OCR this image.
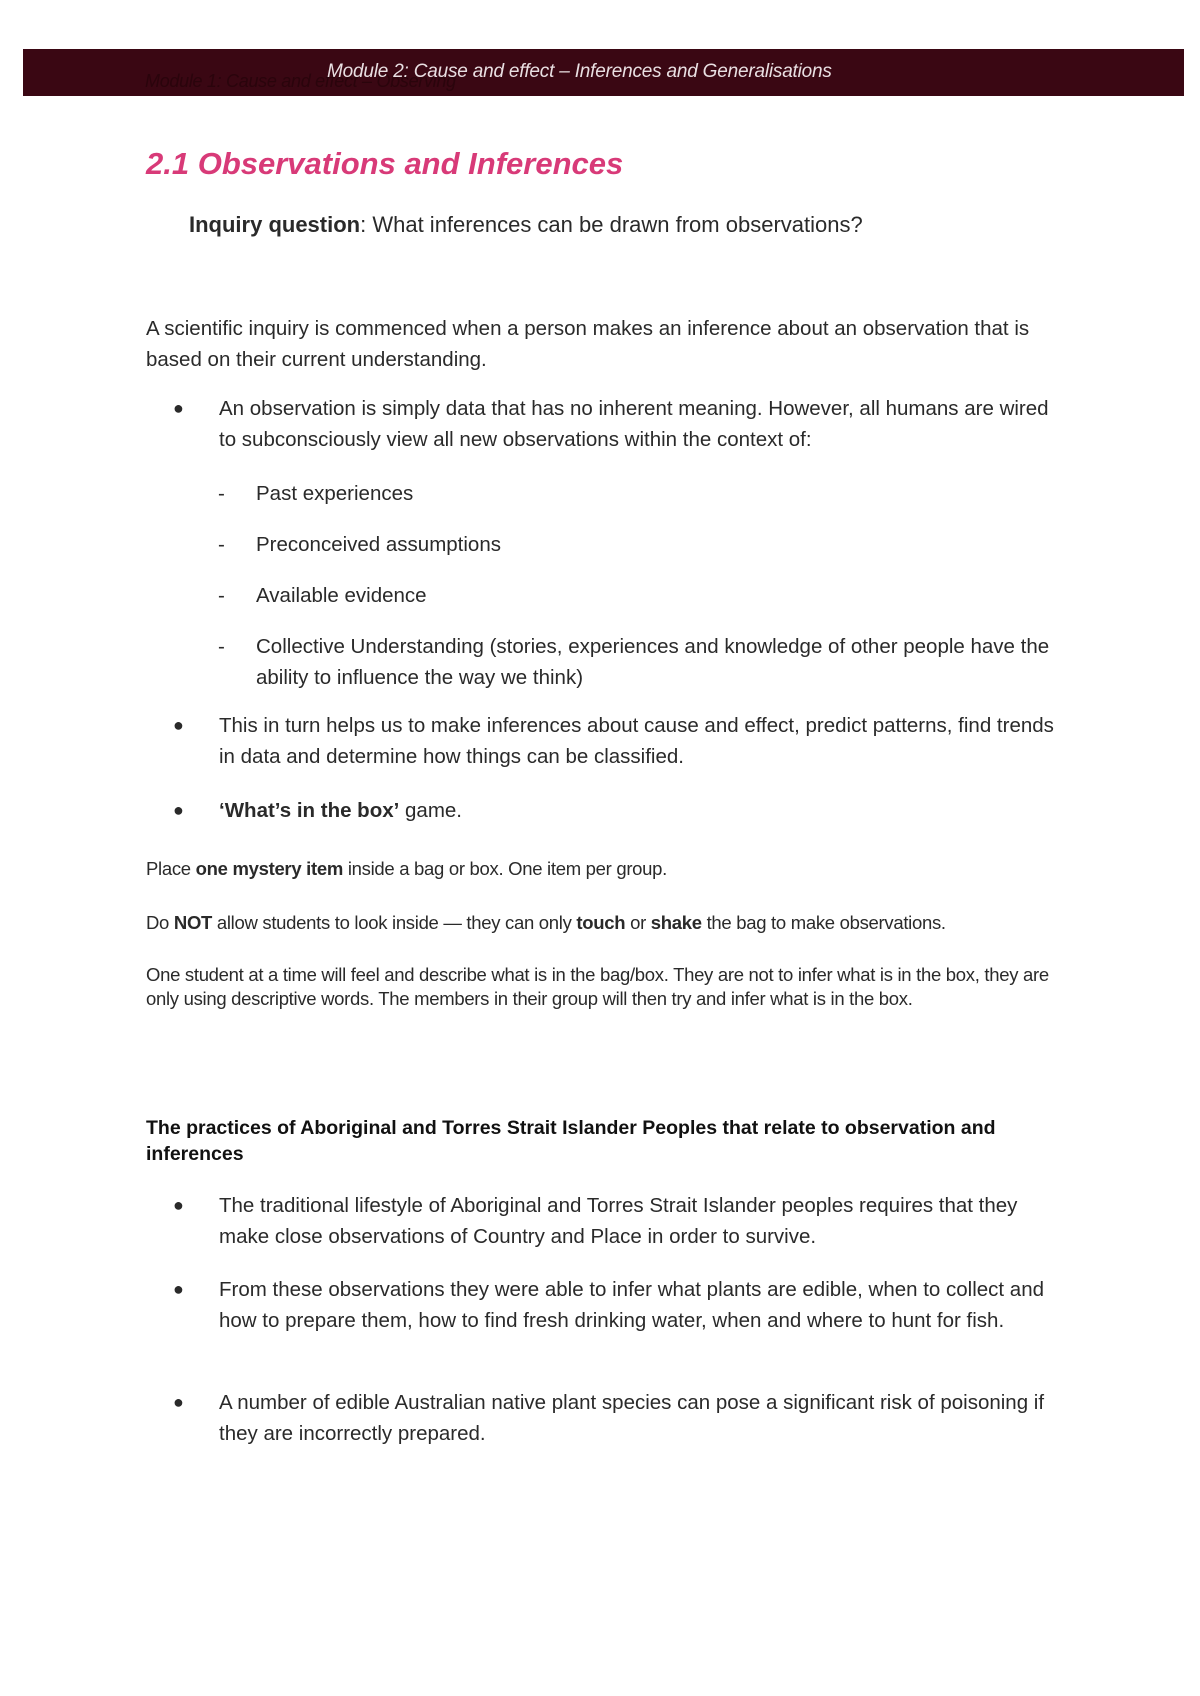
Module 1: Cause and effect – Observing
Module 2: Cause and effect – Inferences and Generalisations
2.1 Observations and Inferences
Inquiry question: What inferences can be drawn from observations?
A scientific inquiry is commenced when a person makes an inference about an observation that is based on their current understanding.
●	An observation is simply data that has no inherent meaning. However, all humans are wired to subconsciously view all new observations within the context of:
- Past experiences
- Preconceived assumptions
- Available evidence
- Collective Understanding (stories, experiences and knowledge of other people have the ability to influence the way we think)
●	This in turn helps us to make inferences about cause and effect, predict patterns, find trends in data and determine how things can be classified.
●	‘What’s in the box’ game.
Place one mystery item inside a bag or box. One item per group.
Do NOT allow students to look inside — they can only touch or shake the bag to make observations.
One student at a time will feel and describe what is in the bag/box. They are not to infer what is in the box, they are only using descriptive words. The members in their group will then try and infer what is in the box.
The practices of Aboriginal and Torres Strait Islander Peoples that relate to observation and inferences
●	The traditional lifestyle of Aboriginal and Torres Strait Islander peoples requires that they make close observations of Country and Place in order to survive.
●	From these observations they were able to infer what plants are edible, when to collect and how to prepare them, how to find fresh drinking water, when and where to hunt for fish.
●	A number of edible Australian native plant species can pose a significant risk of poisoning if they are incorrectly prepared.
